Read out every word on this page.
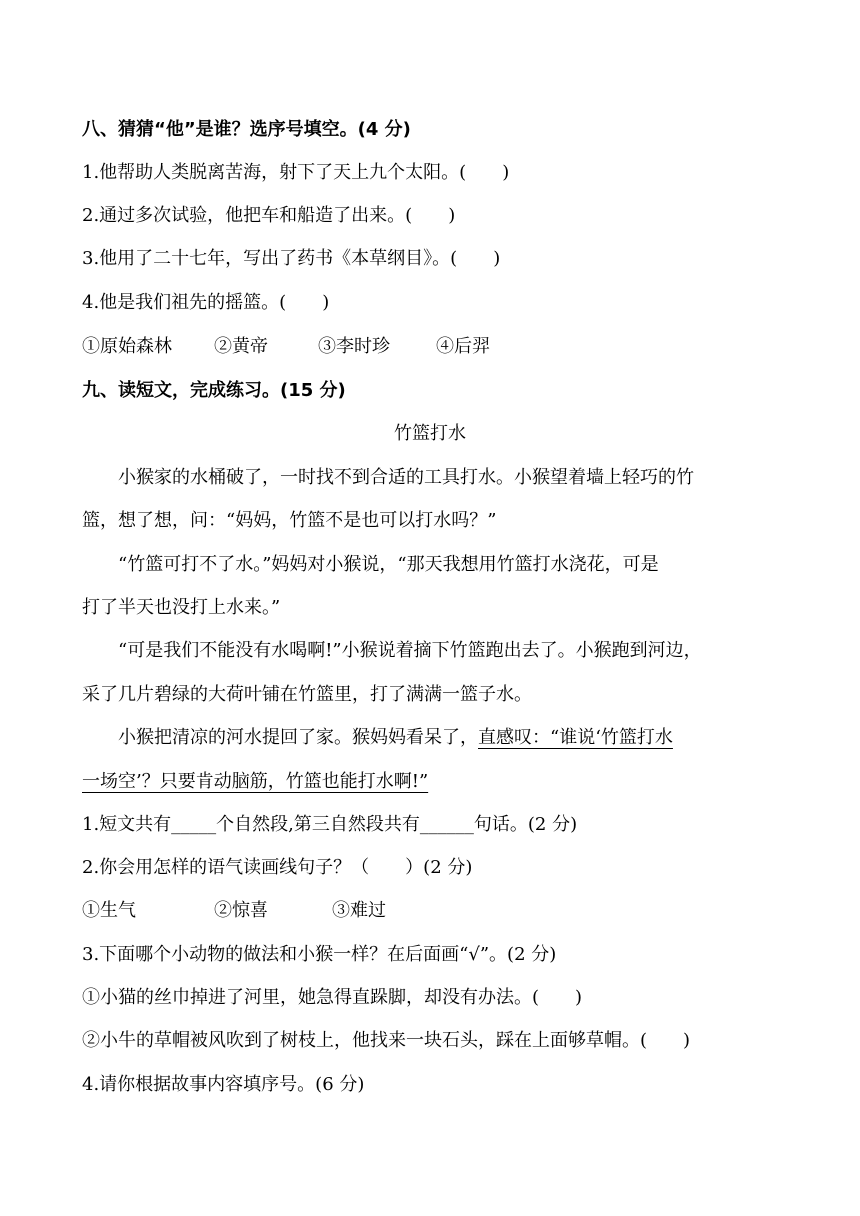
八、猜猜“他”是谁？选序号填空。(4 分)

1.他帮助人类脱离苦海，射下了天上九个太阳。(　　)

2.通过多次试验，他把车和船造了出来。(　　)

3.他用了二十七年，写出了药书《本草纲目》。(　　)

4.他是我们祖先的摇篮。(　　)

①原始森林 ②黄帝	③李时珍	④后羿

九、读短文，完成练习。(15 分)

竹篮打水

小猴家的水桶破了，一时找不到合适的工具打水。小猴望着墙上轻巧的竹

篮，想了想，问：“妈妈，竹篮不是也可以打水吗？”

“竹篮可打不了水。”妈妈对小猴说，“那天我想用竹篮打水浇花，可是

打了半天也没打上水来。”

“可是我们不能没有水喝啊!”小猴说着摘下竹篮跑出去了。小猴跑到河边，

采了几片碧绿的大荷叶铺在竹篮里，打了满满一篮子水。

小猴把清凉的河水提回了家。猴妈妈看呆了，直感叹：“谁说‘竹篮打水

一场空’？只要肯动脑筋，竹篮也能打水啊!”

1.短文共有_____个自然段,第三自然段共有______句话。(2 分)

2.你会用怎样的语气读画线句子？（　　）(2 分)

①生气	②惊喜	③难过

3.下面哪个小动物的做法和小猴一样？在后面画“√”。(2 分)

①小猫的丝巾掉进了河里，她急得直跺脚，却没有办法。(　　)

②小牛的草帽被风吹到了树枝上，他找来一块石头，踩在上面够草帽。(　　)

4.请你根据故事内容填序号。(6 分)
